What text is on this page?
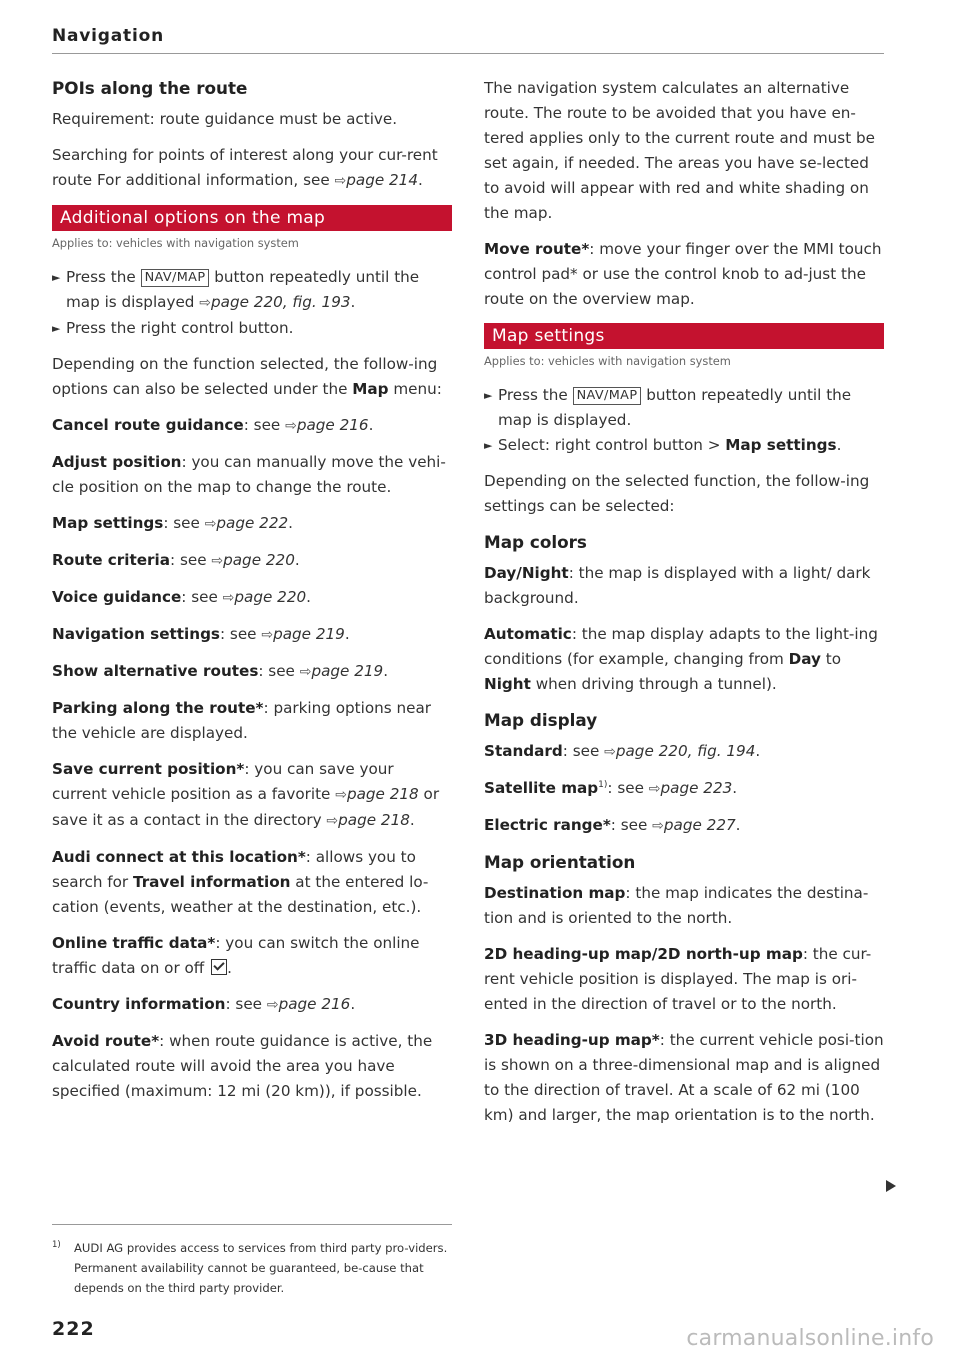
Navigation
POIs along the route

Requirement: route guidance must be active.

Searching for points of interest along your cur-rent route For additional information, see ⇨page 214.

Additional options on the map
Applies to: vehicles with navigation system
► Press the NAV/MAP button repeatedly until the map is displayed ⇨page 220, fig. 193.
► Press the right control button.

Depending on the function selected, the follow-ing options can also be selected under the Map menu:

Cancel route guidance: see ⇨page 216.

Adjust position: you can manually move the vehi-cle position on the map to change the route.

Map settings: see ⇨page 222.

Route criteria: see ⇨page 220.

Voice guidance: see ⇨page 220.

Navigation settings: see ⇨page 219.

Show alternative routes: see ⇨page 219.

Parking along the route*: parking options near the vehicle are displayed.

Save current position*: you can save your current vehicle position as a favorite ⇨page 218 or save it as a contact in the directory ⇨page 218.

Audi connect at this location*: allows you to search for Travel information at the entered lo-cation (events, weather at the destination, etc.).

Online traffic data*: you can switch the online traffic data on or off .

Country information: see ⇨page 216.

Avoid route*: when route guidance is active, the calculated route will avoid the area you have specified (maximum: 12 mi (20 km)), if possible.

The navigation system calculates an alternative route. The route to be avoided that you have en-tered applies only to the current route and must be set again, if needed. The areas you have se-lected to avoid will appear with red and white shading on the map.

Move route*: move your finger over the MMI touch control pad* or use the control knob to ad-just the route on the overview map.

Map settings
Applies to: vehicles with navigation system
► Press the NAV/MAP button repeatedly until the map is displayed.
► Select: right control button > Map settings.

Depending on the selected function, the follow-ing settings can be selected:

Map colors

Day/Night: the map is displayed with a light/ dark background.

Automatic: the map display adapts to the light-ing conditions (for example, changing from Day to Night when driving through a tunnel).

Map display

Standard: see ⇨page 220, fig. 194.

Satellite map$^{1)}$: see ⇨page 223.

Electric range*: see ⇨page 227.

Map orientation

Destination map: the map indicates the destina-tion and is oriented to the north.

2D heading-up map/2D north-up map: the cur-rent vehicle position is displayed. The map is ori-ented in the direction of travel or to the north.

3D heading-up map*: the current vehicle posi-tion is shown on a three-dimensional map and is aligned to the direction of travel. At a scale of 62 mi (100 km) and larger, the map orientation is to the north.

1)	AUDI AG provides access to services from third party pro-viders. Permanent availability cannot be guaranteed, be-cause that depends on the third party provider.
222	carmanualsonline.info
